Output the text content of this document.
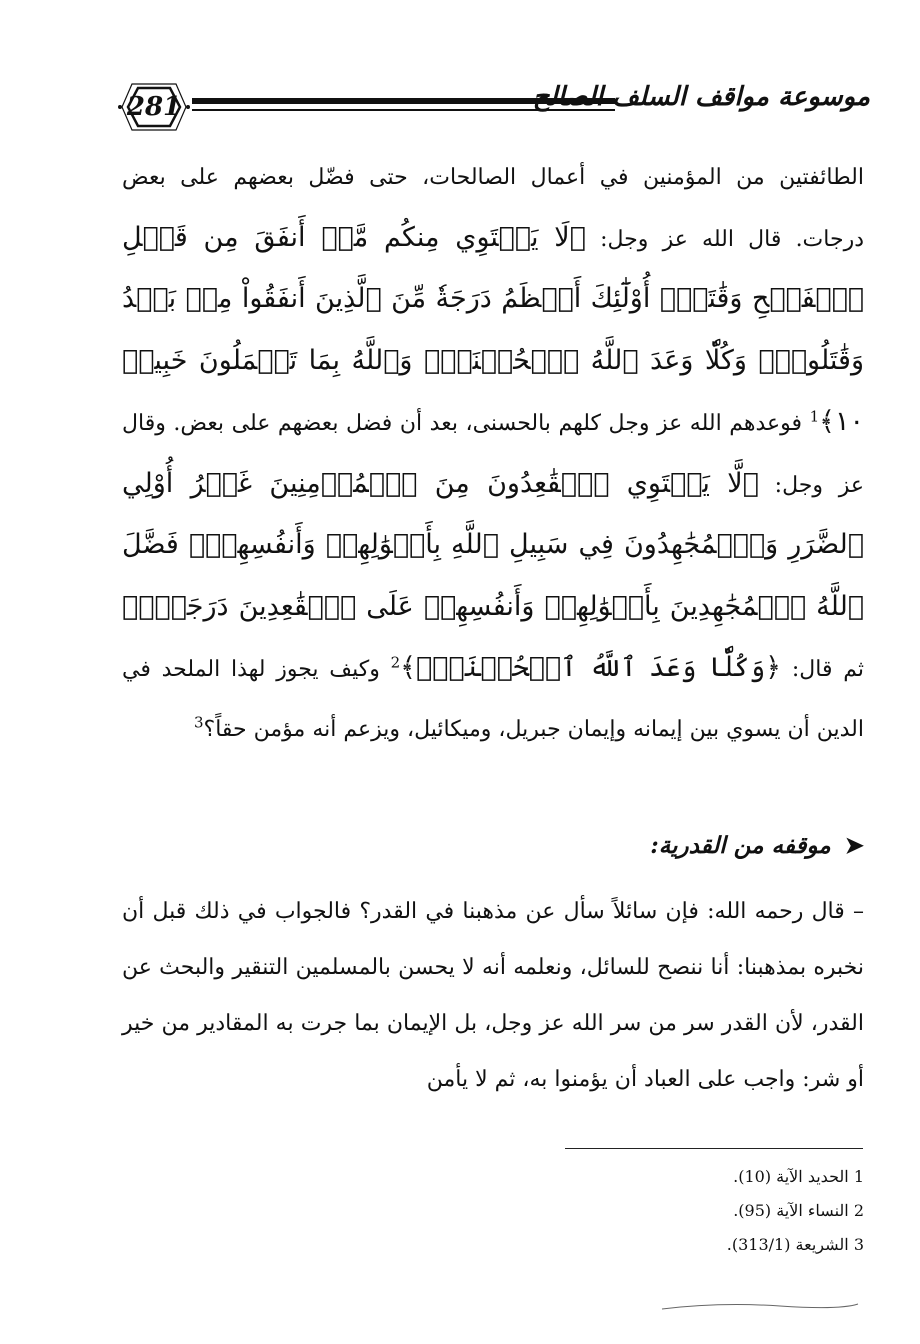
281	موسوعة مواقف السلف الصالح

الطائفتين من المؤمنين في أعمال الصالحات، حتى فضّل بعضهم على بعض درجات. قال الله عز وجل: ﴿لَا يَسۡتَوِي مِنكُم مَّنۡ أَنفَقَ مِن قَبۡلِ ٱلۡفَتۡحِ وَقَٰتَلَۚ أُوْلَٰٓئِكَ أَعۡظَمُ دَرَجَةٗ مِّنَ ٱلَّذِينَ أَنفَقُواْ مِنۢ بَعۡدُ وَقَٰتَلُواْۚ وَكُلّٗا وَعَدَ ٱللَّهُ ٱلۡحُسۡنَىٰۚ وَٱللَّهُ بِمَا تَعۡمَلُونَ خَبِيرٞ ١٠﴾$^1$ فوعدهم الله عز وجل كلهم بالحسنى، بعد أن فضل بعضهم على بعض. وقال عز وجل: ﴿لَّا يَسۡتَوِي ٱلۡقَٰعِدُونَ مِنَ ٱلۡمُؤۡمِنِينَ غَيۡرُ أُوْلِي ٱلضَّرَرِ وَٱلۡمُجَٰهِدُونَ فِي سَبِيلِ ٱللَّهِ بِأَمۡوَٰلِهِمۡ وَأَنفُسِهِمۡۚ فَضَّلَ ٱللَّهُ ٱلۡمُجَٰهِدِينَ بِأَمۡوَٰلِهِمۡ وَأَنفُسِهِمۡ عَلَى ٱلۡقَٰعِدِينَ دَرَجَةٗۚ﴾ ثم قال: ﴿وَكُلّٗا وَعَدَ ٱللَّهُ ٱلۡحُسۡنَىٰۚ﴾$^2$ وكيف يجوز لهذا الملحد في الدين أن يسوي بين إيمانه وإيمان جبريل، وميكائيل، ويزعم أنه مؤمن حقاً؟$^3$

➤موقفه من القدرية:

– قال رحمه الله: فإن سائلاً سأل عن مذهبنا في القدر؟ فالجواب في ذلك قبل أن نخبره بمذهبنا: أنا ننصح للسائل، ونعلمه أنه لا يحسن بالمسلمين التنقير والبحث عن القدر، لأن القدر سر من سر الله عز وجل، بل الإيمان بما جرت به المقادير من خير أو شر: واجب على العباد أن يؤمنوا به، ثم لا يأمن

1 الحديد الآية (10).
2 النساء الآية (95).
3 الشريعة (313/1).
